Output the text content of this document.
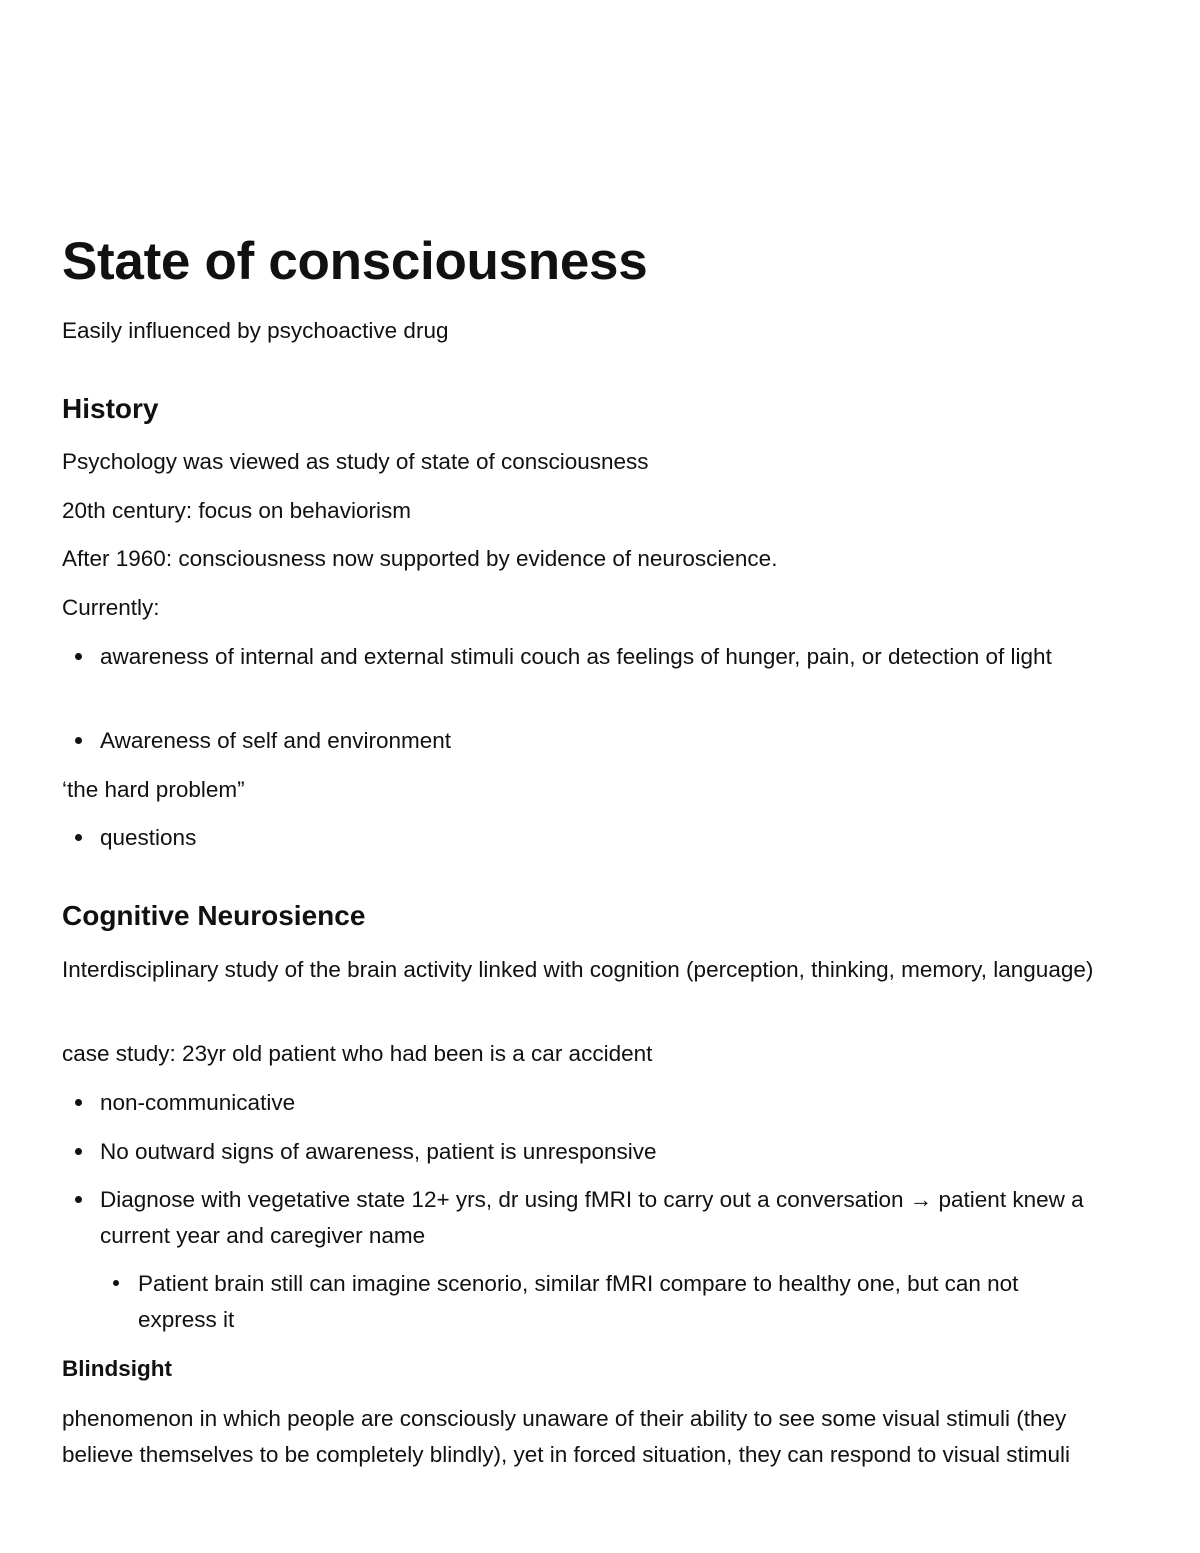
State of consciousness

Easily influenced by psychoactive drug

History

Psychology was viewed as study of state of consciousness

20th century: focus on behaviorism

After 1960: consciousness now supported by evidence of neuroscience.

Currently:

awareness of internal and external stimuli couch as feelings of hunger, pain, or detection of light
Awareness of self and environment

‘the hard problem”

questions
Cognitive Neurosience

Interdisciplinary study of the brain activity linked with cognition (perception, thinking, memory, language)

case study: 23yr old patient who had been is a car accident

non-communicative
No outward signs of awareness, patient is unresponsive
Diagnose with vegetative state 12+ yrs, dr using fMRI to carry out a conversation → patient knew a current year and caregiver name
Patient brain still can imagine scenorio, similar fMRI compare to healthy one, but can not express it
Blindsight

phenomenon in which people are consciously unaware of their ability to see some visual stimuli (they believe themselves to be completely blindly), yet in forced situation, they can respond to visual stimuli
